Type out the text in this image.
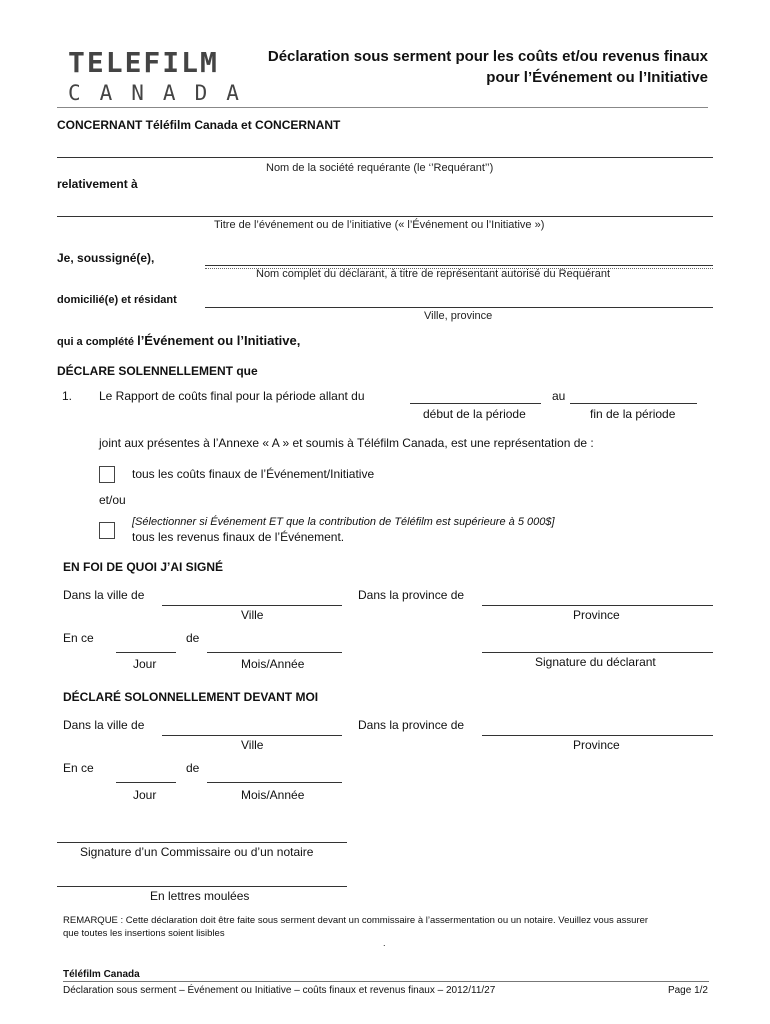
TELEFILM
CANADA
Déclaration sous serment pour les coûts et/ou revenus finaux
pour l’Événement ou l’Initiative
CONCERNANT Téléfilm Canada et CONCERNANT
Nom de la société requérante (le ‘’Requérant’’)
relativement à
Titre de l’événement ou de l’initiative (« l’Événement ou l’Initiative »)
Je, soussigné(e),
Nom complet du déclarant, à titre de représentant autorisé du Requérant
domicilié(e) et résidant
Ville, province
qui a complété l’Événement ou l’Initiative,
DÉCLARE SOLENNELLEMENT que
1. Le Rapport de coûts final pour la période allant du	au
début de la période	fin de la période
joint aux présentes à l’Annexe « A » et soumis à Téléfilm Canada, est une représentation de :
tous les coûts finaux de l’Événement/Initiative
et/ou
[Sélectionner si Événement ET que la contribution de Téléfilm est supérieure à 5 000$]
tous les revenus finaux de l’Événement.
EN FOI DE QUOI J’AI SIGNÉ
Dans la ville de	Dans la province de
Ville	Province
En ce	de
Jour	Mois/Année	Signature du déclarant
DÉCLARÉ SOLONNELLEMENT DEVANT MOI
Dans la ville de	Dans la province de
Ville	Province
En ce	de
Jour	Mois/Année
Signature d’un Commissaire ou d’un notaire
En lettres moulées
REMARQUE : Cette déclaration doit être faite sous serment devant un commissaire à l’assermentation ou un notaire. Veuillez vous assurer
que toutes les insertions soient lisibles
.
Téléfilm Canada
Déclaration sous serment – Événement ou Initiative – coûts finaux et revenus finaux – 2012/11/27	Page 1/2
